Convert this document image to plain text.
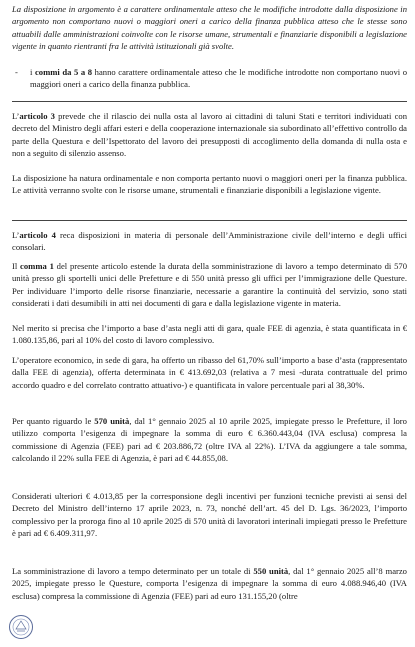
La disposizione in argomento è a carattere ordinamentale atteso che le modifiche introdotte dalla disposizione in argomento non comportano nuovi o maggiori oneri a carico della finanza pubblica atteso che le stesse sono attuabili dalle amministrazioni coinvolte con le risorse umane, strumentali e finanziarie disponibili a legislazione vigente in quanto rientranti fra le attività istituzionali già svolte.

- i commi da 5 a 8 hanno carattere ordinamentale atteso che le modifiche introdotte non comportano nuovi o maggiori oneri a carico della finanza pubblica.

L’articolo 3 prevede che il rilascio dei nulla osta al lavoro ai cittadini di taluni Stati e territori individuati con decreto del Ministro degli affari esteri e della cooperazione internazionale sia subordinato all’effettivo controllo da parte della Questura e dell’Ispettorato del lavoro dei presupposti di accoglimento della domanda di nulla osta e non a seguito di silenzio assenso.

La disposizione ha natura ordinamentale e non comporta pertanto nuovi o maggiori oneri per la finanza pubblica. Le attività verranno svolte con le risorse umane, strumentali e finanziarie disponibili a legislazione vigente.

L’articolo 4 reca disposizioni in materia di personale dell’Amministrazione civile dell’interno e degli uffici consolari.

Il comma 1 del presente articolo estende la durata della somministrazione di lavoro a tempo determinato di 570 unità presso gli sportelli unici delle Prefetture e di 550 unità presso gli uffici per l’immigrazione delle Questure. Per individuare l’importo delle risorse finanziarie, necessarie a garantire la continuità del servizio, sono stati considerati i dati desumibili in atti nei documenti di gara e dalla legislazione vigente in materia.

Nel merito si precisa che l’importo a base d’asta negli atti di gara, quale FEE di agenzia, è stata quantificata in € 1.080.135,86, pari al 10% del costo di lavoro complessivo.

L’operatore economico, in sede di gara, ha offerto un ribasso del 61,70% sull’importo a base d’asta (rappresentato dalla FEE di agenzia), offerta determinata in € 413.692,03 (relativa a 7 mesi -durata contrattuale del primo accordo quadro e del correlato contratto attuativo-) e quantificata in valore percentuale pari al 38,30%.

Per quanto riguardo le 570 unità, dal 1° gennaio 2025 al 10 aprile 2025, impiegate presso le Prefetture, il loro utilizzo comporta l’esigenza di impegnare la somma di euro € 6.360.443,04 (IVA esclusa) compresa la commissione di Agenzia (FEE) pari ad € 203.886,72 (oltre IVA al 22%). L’IVA da aggiungere a tale somma, calcolando il 22% sulla FEE di Agenzia, è pari ad € 44.855,08.

Considerati ulteriori € 4.013,85 per la corresponsione degli incentivi per funzioni tecniche previsti ai sensi del Decreto del Ministro dell’interno 17 aprile 2023, n. 73, nonché dell’art. 45 del D. Lgs. 36/2023, l’importo complessivo per la proroga fino al 10 aprile 2025 di 570 unità di lavoratori interinali impiegati presso le Prefetture è pari ad € 6.409.311,97.

La somministrazione di lavoro a tempo determinato per un totale di 550 unità, dal 1° gennaio 2025 all’8 marzo 2025, impiegate presso le Questure, comporta l’esigenza di impegnare la somma di euro 4.088.946,40 (IVA esclusa) compresa la commissione di Agenzia (FEE) pari ad euro 131.155,20 (oltre
